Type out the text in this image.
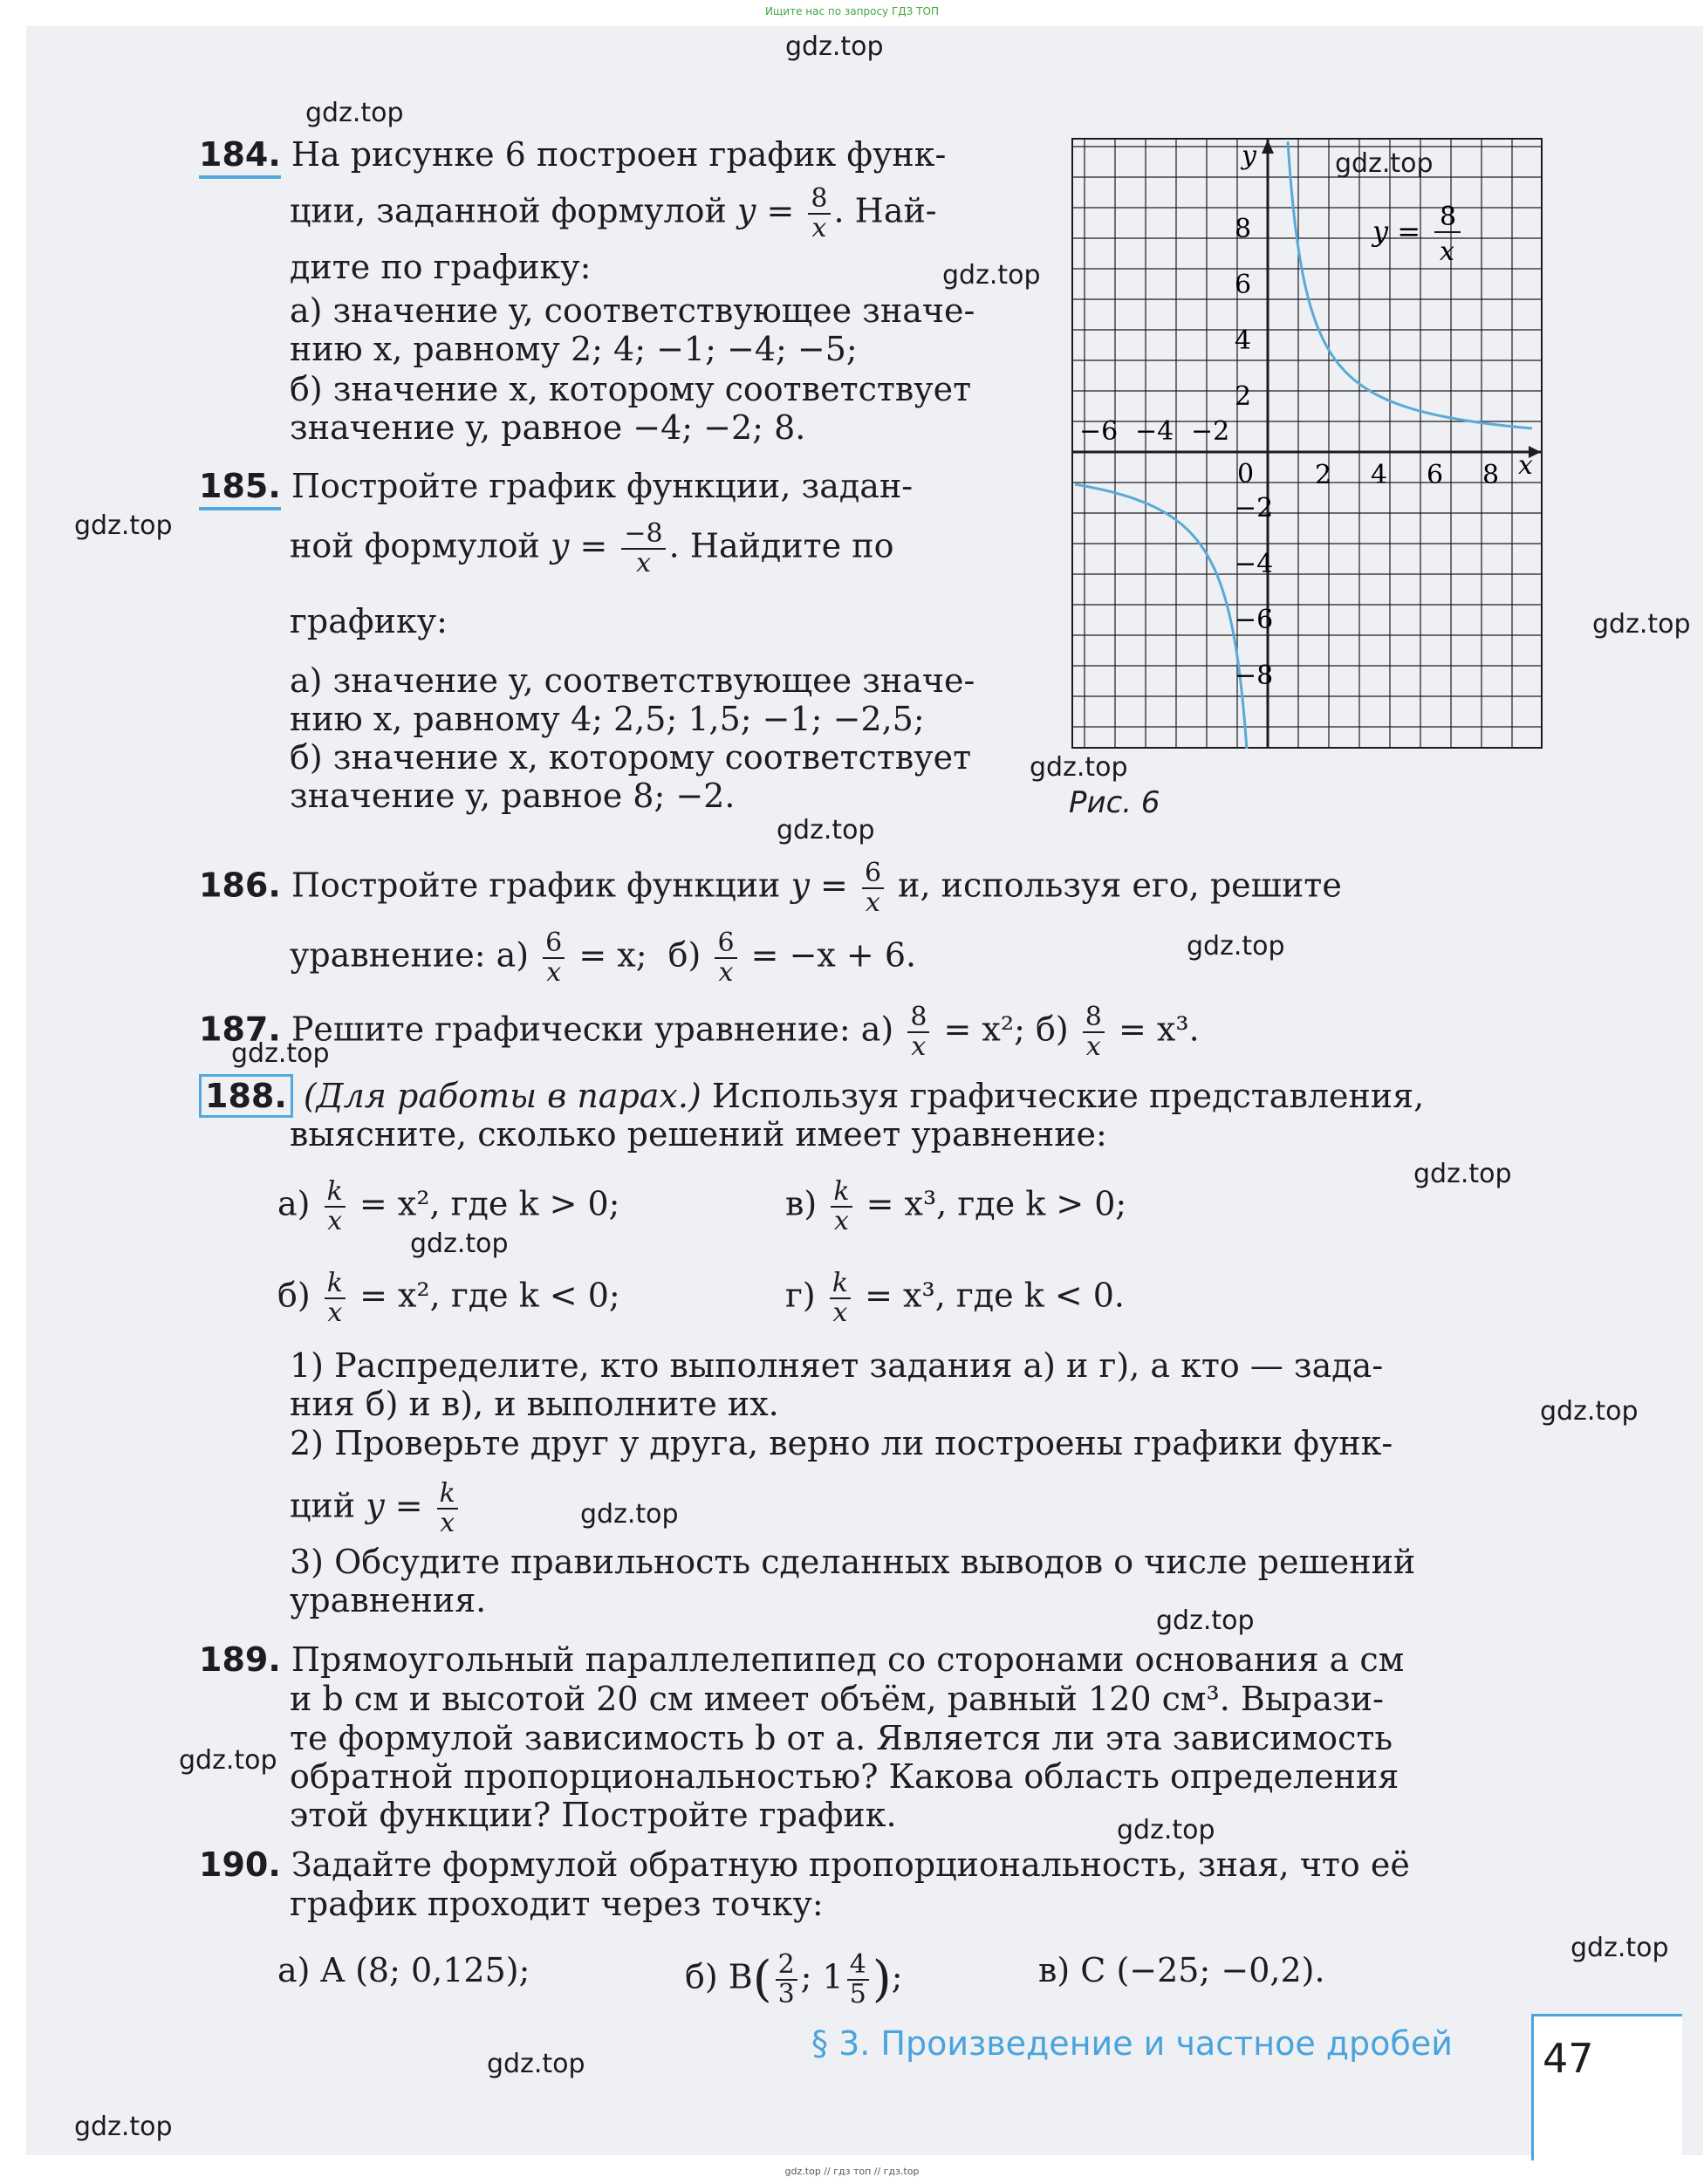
Ищите нас по запросу ГДЗ ТОП
gdz.top
gdz.top
gdz.top
gdz.top
gdz.top
gdz.top
gdz.top
gdz.top
gdz.top
gdz.top
gdz.top
gdz.top
gdz.top
gdz.top
gdz.top
gdz.top
gdz.top
gdz.top
gdz.top
gdz.top
184. На рисунке 6 построен график функ-
ции, заданной формулой $y = \frac{8}{x}$ . Най-
дите по графику:
а) значение y, соответствующее значе-
нию x, равному 2; 4; −1; −4; −5;
б) значение x, которому соответствует
значение y, равное −4; −2; 8.
185. Постройте график функции, задан-
ной формулой $y = \frac{-8}{x}$ . Найдите по
графику:
а) значение y, соответствующее значе-
нию x, равному 4; 2,5; 1,5; −1; −2,5;
б) значение x, которому соответствует
значение y, равное 8; −2.
8
6
4
2
−2
−4
−6
−8
−6 −4 −2
2 4 6 8
y
x
0
y = 8
x
Рис. 6
186. Постройте график функции $y = \frac{6}{x} и$, используя его, решите
уравнение: $а) \frac{6}{x} = x$; $б) \frac{6}{x} = -x + 6$.
187. Решите графически уравнение: $а) \frac{8}{x} = x^2$; $б) \frac{8}{x} = x^3$.
188. (Для работы в парах.) Используя графические представления,
выясните, сколько решений имеет уравнение:
$а) \frac{k}{x} = x^2$, где k > 0;	$в) \frac{k}{x} = x^3$, где k > 0;
$б) \frac{k}{x} = x^2$, где k < 0;	$г) \frac{k}{x} = x^3$, где k < 0.
1) Распределите, кто выполняет задания а) и г), а кто — зада-
ния б) и в), и выполните их.
2) Проверьте друг у друга, верно ли построены графики функ-
ций $y = \frac{k}{x}$
3) Обсудите правильность сделанных выводов о числе решений
уравнения.
189. Прямоугольный параллелепипед со сторонами основания a см
и b см и высотой 20 см имеет объём, равный 120 см³. Вырази-
те формулой зависимость b от a. Является ли эта зависимость
обратной пропорциональностью? Какова область определения
этой функции? Постройте график.
190. Задайте формулой обратную пропорциональность, зная, что её
график проходит через точку:
а) A (8; 0,125);	б) $B( \frac{2}{3}$ ; $1 \frac{4}{5}$ );	в) C (−25; −0,2).
§ 3. Произведение и частное дробей 47
gdz.top // гдз топ // гдз.top
